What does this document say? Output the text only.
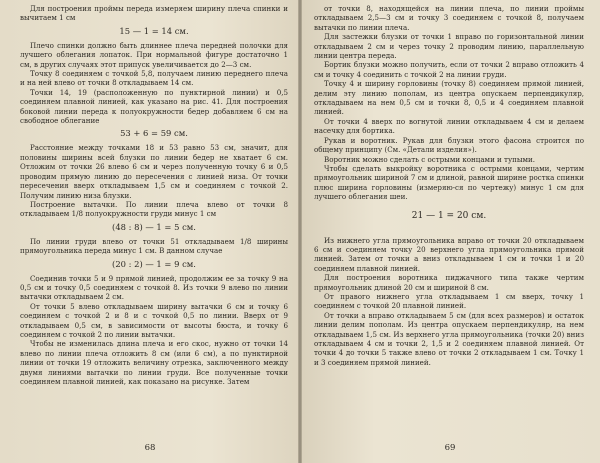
Для построения проймы переда измеряем ширину плеча спинки и вычитаем 1 см

15 — 1 = 14 см.

Плечо спинки должно быть длиннее плеча передней полочки для лучшего облегания лопаток. При нормальной фигуре достаточно 1 см, в других случаях этот припуск увеличивается до 2—3 см.

Точку 8 соединяем с точкой 5,8, получаем линию переднего плеча и на ней влево от точки 8 откладываем 14 см.

Точки 14, 19 (расположенную по пунктирной линии) и 0,5 соединяем плавной линией, как указано на рис. 41. Для построения боковой линии переда к полуокружности бедер добавляем 6 см на свободное облегание

53 + 6 = 59 см.

Расстояние между точками 18 и 53 равно 53 см, значит, для половины ширины всей блузки по линии бедер не хватает 6 см. Отложим от точки 26 влево 6 см и через полученную точку 6 и 0,5 проводим прямую линию до пересечения с линией низа. От точки пересечения вверх откладываем 1,5 см и соединяем с точкой 2. Получим линию низа блузки.

Построение вытачки. По линии плеча влево от точки 8 откладываем 1/8 полуокружности груди минус 1 см

(48 : 8) — 1 = 5 см.

По линии груди влево от точки 51 откладываем 1/8 ширины прямоугольника переда минус 1 см. В данном случае

(20 : 2) — 1 = 9 см.

Соединив точки 5 и 9 прямой линией, продолжим ее за точку 9 на 0,5 см и точку 0,5 соединяем с точкой 8. Из точки 9 влево по линии вытачки откладываем 2 см.

От точки 5 влево откладываем ширину вытачки 6 см и точку 6 соединяем с точкой 2 и 8 и с точкой 0,5 по линии. Вверх от 9 откладываем 0,5 см, в зависимости от высоты бюста, и точку 6 соединяем с точкой 2 по линии вытачки.

Чтобы не изменилась длина плеча и его скос, нужно от точки 14 влево по линии плеча отложить 8 см (или 6 см), а по пунктирной линии от точки 19 отложить величину отрезка, заключенного между двумя линиями вытачки по линии груди. Все полученные точки соединяем плавной линией, как показано на рисунке. Затем

68

от точки 8, находящейся на линии плеча, по линии проймы откладываем 2,5—3 см и точку 3 соединяем с точкой 8, получаем вытачки по линии плеча.

Для застежки блузки от точки 1 вправо по горизонтальной линии откладываем 2 см и через точку 2 проводим линию, параллельную линии центра переда.

Бортик блузки можно получить, если от точки 2 вправо отложить 4 см и точку 4 соединить с точкой 2 на линии груди.

Точку 4 и ширину горловины (точку 8) соединяем прямой линией, делим эту линию пополам, из центра опускаем перпендикуляр, откладываем на нем 0,5 см и точки 8, 0,5 и 4 соединяем плавной линией.

От точки 4 вверх по вогнутой линии откладываем 4 см и делаем насечку для бортика.

Рукав и воротник. Рукав для блузки этого фасона строится по общему принципу (См. «Детали изделия»).

Воротник можно сделать с острыми концами и тупыми.

Чтобы сделать выкройку воротника с острыми концами, чертим прямоугольник шириной 7 см и длиной, равной ширине ростка спинки плюс ширина горловины (измеряю-ся по чертежу) минус 1 см для лучшего облегания шеи.

21 — 1 = 20 см.

Из нижнего угла прямоугольника вправо от точки 20 откладываем 6 см и соединяем точку 20 верхнего угла прямоугольника прямой линией. Затем от точки а вниз откладываем 1 см и точки 1 и 20 соединяем плавной линией.

Для построения воротника пиджачного типа также чертим прямоугольник длиной 20 см и шириной 8 см.

От правого нижнего угла откладываем 1 см вверх, точку 1 соединяем с точкой 20 плавной линией.

От точки а вправо откладываем 5 см (для всех размеров) и остаток линии делим пополам. Из центра опускаем перпендикуляр, на нем откладываем 1,5 см. Из верхнего угла прямоугольника (точки 20) вниз откладываем 4 см и точки 2, 1,5 и 2 соединяем плавной линией. От точки 4 до точки 5 также влево от точки 2 откладываем 1 см. Точку 1 и 3 соединяем прямой линией.

69
